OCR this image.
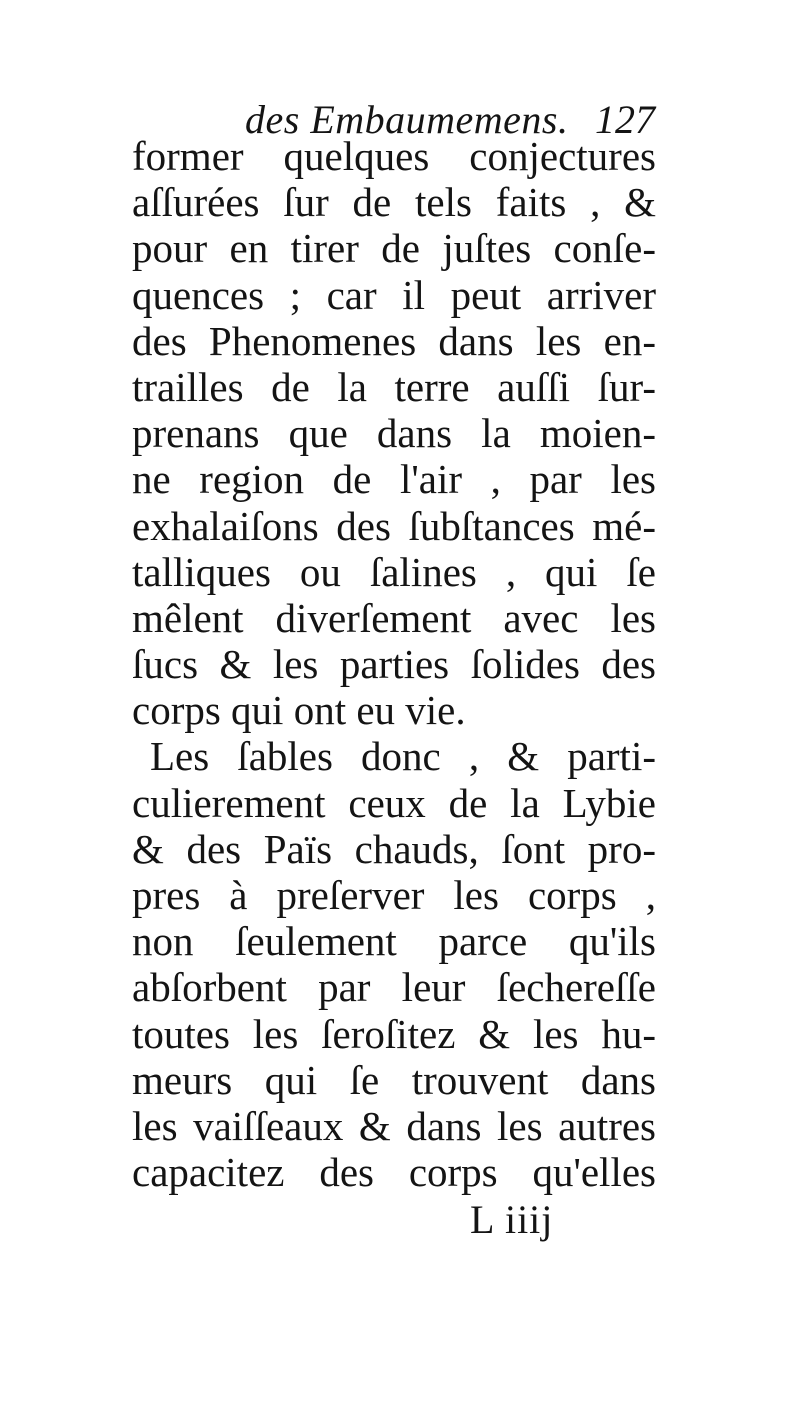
des Embaumemens. 127
former quelques conjectures
aſſurées ſur de tels faits , &
pour en tirer de juſtes conſe-
quences ; car il peut arriver
des Phenomenes dans les en-
trailles de la terre auſſi ſur-
prenans que dans la moien-
ne region de l'air , par les
exhalaiſons des ſubſtances mé-
talliques ou ſalines , qui ſe
mêlent diverſement avec les
ſucs & les parties ſolides des
corps qui ont eu vie.
Les ſables donc , & parti-
culierement ceux de la Lybie
& des Païs chauds, ſont pro-
pres à preſerver les corps ,
non ſeulement parce qu'ils
abſorbent par leur ſechereſſe
toutes les ſeroſitez & les hu-
meurs qui ſe trouvent dans
les vaiſſeaux & dans les autres
capacitez des corps qu'elles
L iiij
